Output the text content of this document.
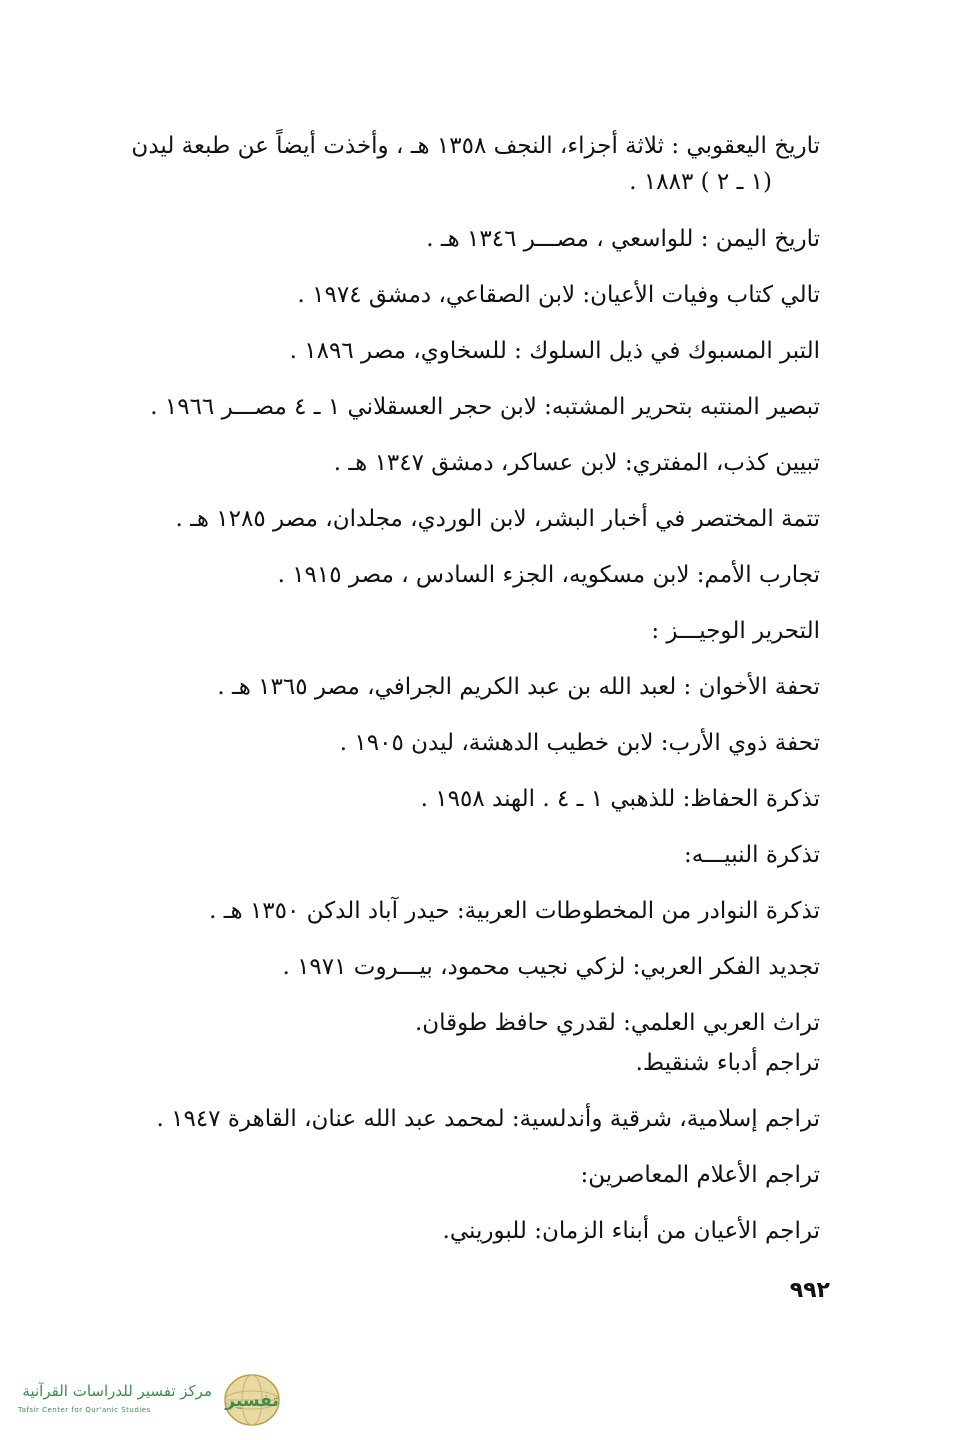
تاريخ اليعقوبي : ثلاثة أجزاء، النجف ١٣٥٨ هـ ، وأخذت أيضاً عن طبعة ليدن
(١ ـ ٢ ) ١٨٨٣ .
تاريخ اليمن : للواسعي ، مصـــر ١٣٤٦ هـ .
تالي كتاب وفيات الأعيان: لابن الصقاعي، دمشق ١٩٧٤ .
التبر المسبوك في ذيل السلوك : للسخاوي، مصر ١٨٩٦ .
تبصير المنتبه بتحرير المشتبه: لابن حجر العسقلاني ١ ـ ٤ مصـــر ١٩٦٦ .
تبيين كذب، المفتري: لابن عساكر، دمشق ١٣٤٧ هـ .
تتمة المختصر في أخبار البشر، لابن الوردي، مجلدان، مصر ١٢٨٥ هـ .
تجارب الأمم: لابن مسكويه، الجزء السادس ، مصر ١٩١٥ .
التحرير الوجيـــز :
تحفة الأخوان : لعبد الله بن عبد الكريم الجرافي، مصر ١٣٦٥ هـ .
تحفة ذوي الأرب: لابن خطيب الدهشة، ليدن ١٩٠٥ .
تذكرة الحفاظ: للذهبي ١ ـ ٤ . الهند ١٩٥٨ .
تذكرة النبيـــه:
تذكرة النوادر من المخطوطات العربية: حيدر آباد الدكن ١٣٥٠ هـ .
تجديد الفكر العربي: لزكي نجيب محمود، بيـــروت ١٩٧١ .
تراث العربي العلمي: لقدري حافظ طوقان.
تراجم أدباء شنقيط.
تراجم إسلامية، شرقية وأندلسية: لمحمد عبد الله عنان، القاهرة ١٩٤٧ .
تراجم الأعلام المعاصرين:
تراجم الأعيان من أبناء الزمان: للبوريني.
٩٩٢
تفسير
مركز تفسير للدراسات القرآنية
Tafsir Center for Qur'anic Studies
